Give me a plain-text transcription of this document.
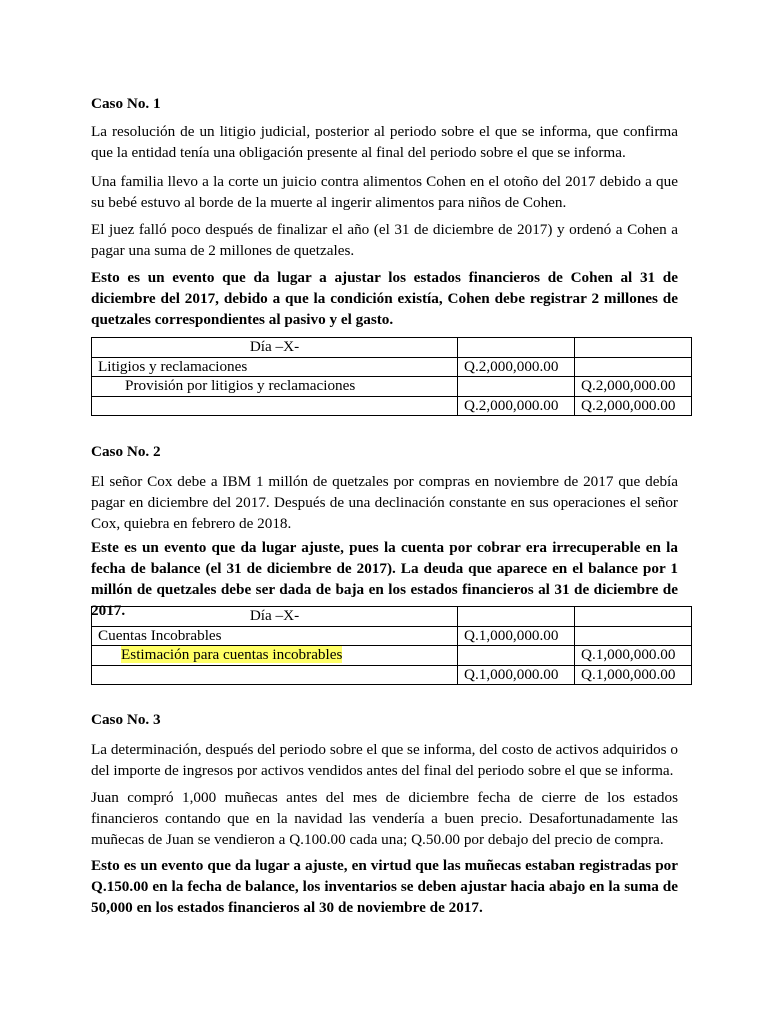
Caso No. 1

La resolución de un litigio judicial, posterior al periodo sobre el que se informa, que confirma que la entidad tenía una obligación presente al final del periodo sobre el que se informa.

Una familia llevo a la corte un juicio contra alimentos Cohen en el otoño del 2017 debido a que su bebé estuvo al borde de la muerte al ingerir alimentos para niños de Cohen.

El juez falló poco después de finalizar el año (el 31 de diciembre de 2017) y ordenó a Cohen a pagar una suma de 2 millones de quetzales.

Esto es un evento que da lugar a ajustar los estados financieros de Cohen al 31 de diciembre del 2017, debido a que la condición existía, Cohen debe registrar 2 millones de quetzales correspondientes al pasivo y el gasto.

Día –X-		
Litigios y reclamaciones	Q.2,000,000.00	
Provisión por litigios y reclamaciones		Q.2,000,000.00
	Q.2,000,000.00	Q.2,000,000.00
Caso No. 2

El señor Cox debe a IBM 1 millón de quetzales por compras en noviembre de 2017 que debía pagar en diciembre del 2017. Después de una declinación constante en sus operaciones el señor Cox, quiebra en febrero de 2018.

Este es un evento que da lugar ajuste, pues la cuenta por cobrar era irrecuperable en la fecha de balance (el 31 de diciembre de 2017). La deuda que aparece en el balance por 1 millón de quetzales debe ser dada de baja en los estados financieros al 31 de diciembre de 2017.	Día –X-		
Cuentas Incobrables	Q.1,000,000.00	
Estimación para cuentas incobrables		Q.1,000,000.00
	Q.1,000,000.00	Q.1,000,000.00
Caso No. 3

La determinación, después del periodo sobre el que se informa, del costo de activos adquiridos o del importe de ingresos por activos vendidos antes del final del periodo sobre el que se informa.

Juan compró 1,000 muñecas antes del mes de diciembre fecha de cierre de los estados financieros contando que en la navidad las vendería a buen precio. Desafortunadamente las muñecas de Juan se vendieron a Q.100.00 cada una; Q.50.00 por debajo del precio de compra.

Esto es un evento que da lugar a ajuste, en virtud que las muñecas estaban registradas por Q.150.00 en la fecha de balance, los inventarios se deben ajustar hacia abajo en la suma de 50,000 en los estados financieros al 30 de noviembre de 2017.
